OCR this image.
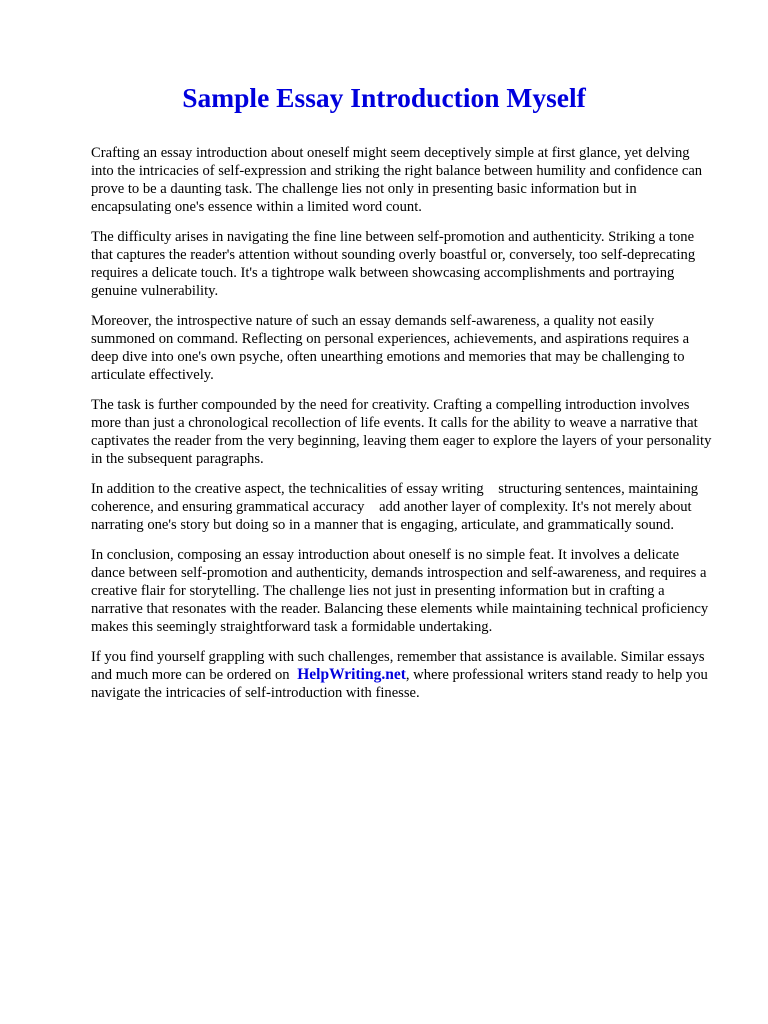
Sample Essay Introduction Myself

Crafting an essay introduction about oneself might seem deceptively simple at first glance, yet delving into the intricacies of self-expression and striking the right balance between humility and confidence can prove to be a daunting task. The challenge lies not only in presenting basic information but in encapsulating one's essence within a limited word count.

The difficulty arises in navigating the fine line between self-promotion and authenticity. Striking a tone that captures the reader's attention without sounding overly boastful or, conversely, too self-deprecating requires a delicate touch. It's a tightrope walk between showcasing accomplishments and portraying genuine vulnerability.

Moreover, the introspective nature of such an essay demands self-awareness, a quality not easily summoned on command. Reflecting on personal experiences, achievements, and aspirations requires a deep dive into one's own psyche, often unearthing emotions and memories that may be challenging to articulate effectively.

The task is further compounded by the need for creativity. Crafting a compelling introduction involves more than just a chronological recollection of life events. It calls for the ability to weave a narrative that captivates the reader from the very beginning, leaving them eager to explore the layers of your personality in the subsequent paragraphs.

In addition to the creative aspect, the technicalities of essay writing    structuring sentences, maintaining coherence, and ensuring grammatical accuracy    add another layer of complexity. It's not merely about narrating one's story but doing so in a manner that is engaging, articulate, and grammatically sound.

In conclusion, composing an essay introduction about oneself is no simple feat. It involves a delicate dance between self-promotion and authenticity, demands introspection and self-awareness, and requires a creative flair for storytelling. The challenge lies not just in presenting information but in crafting a narrative that resonates with the reader. Balancing these elements while maintaining technical proficiency makes this seemingly straightforward task a formidable undertaking.

If you find yourself grappling with such challenges, remember that assistance is available. Similar essays and much more can be ordered on HelpWriting.net, where professional writers stand ready to help you navigate the intricacies of self-introduction with finesse.
